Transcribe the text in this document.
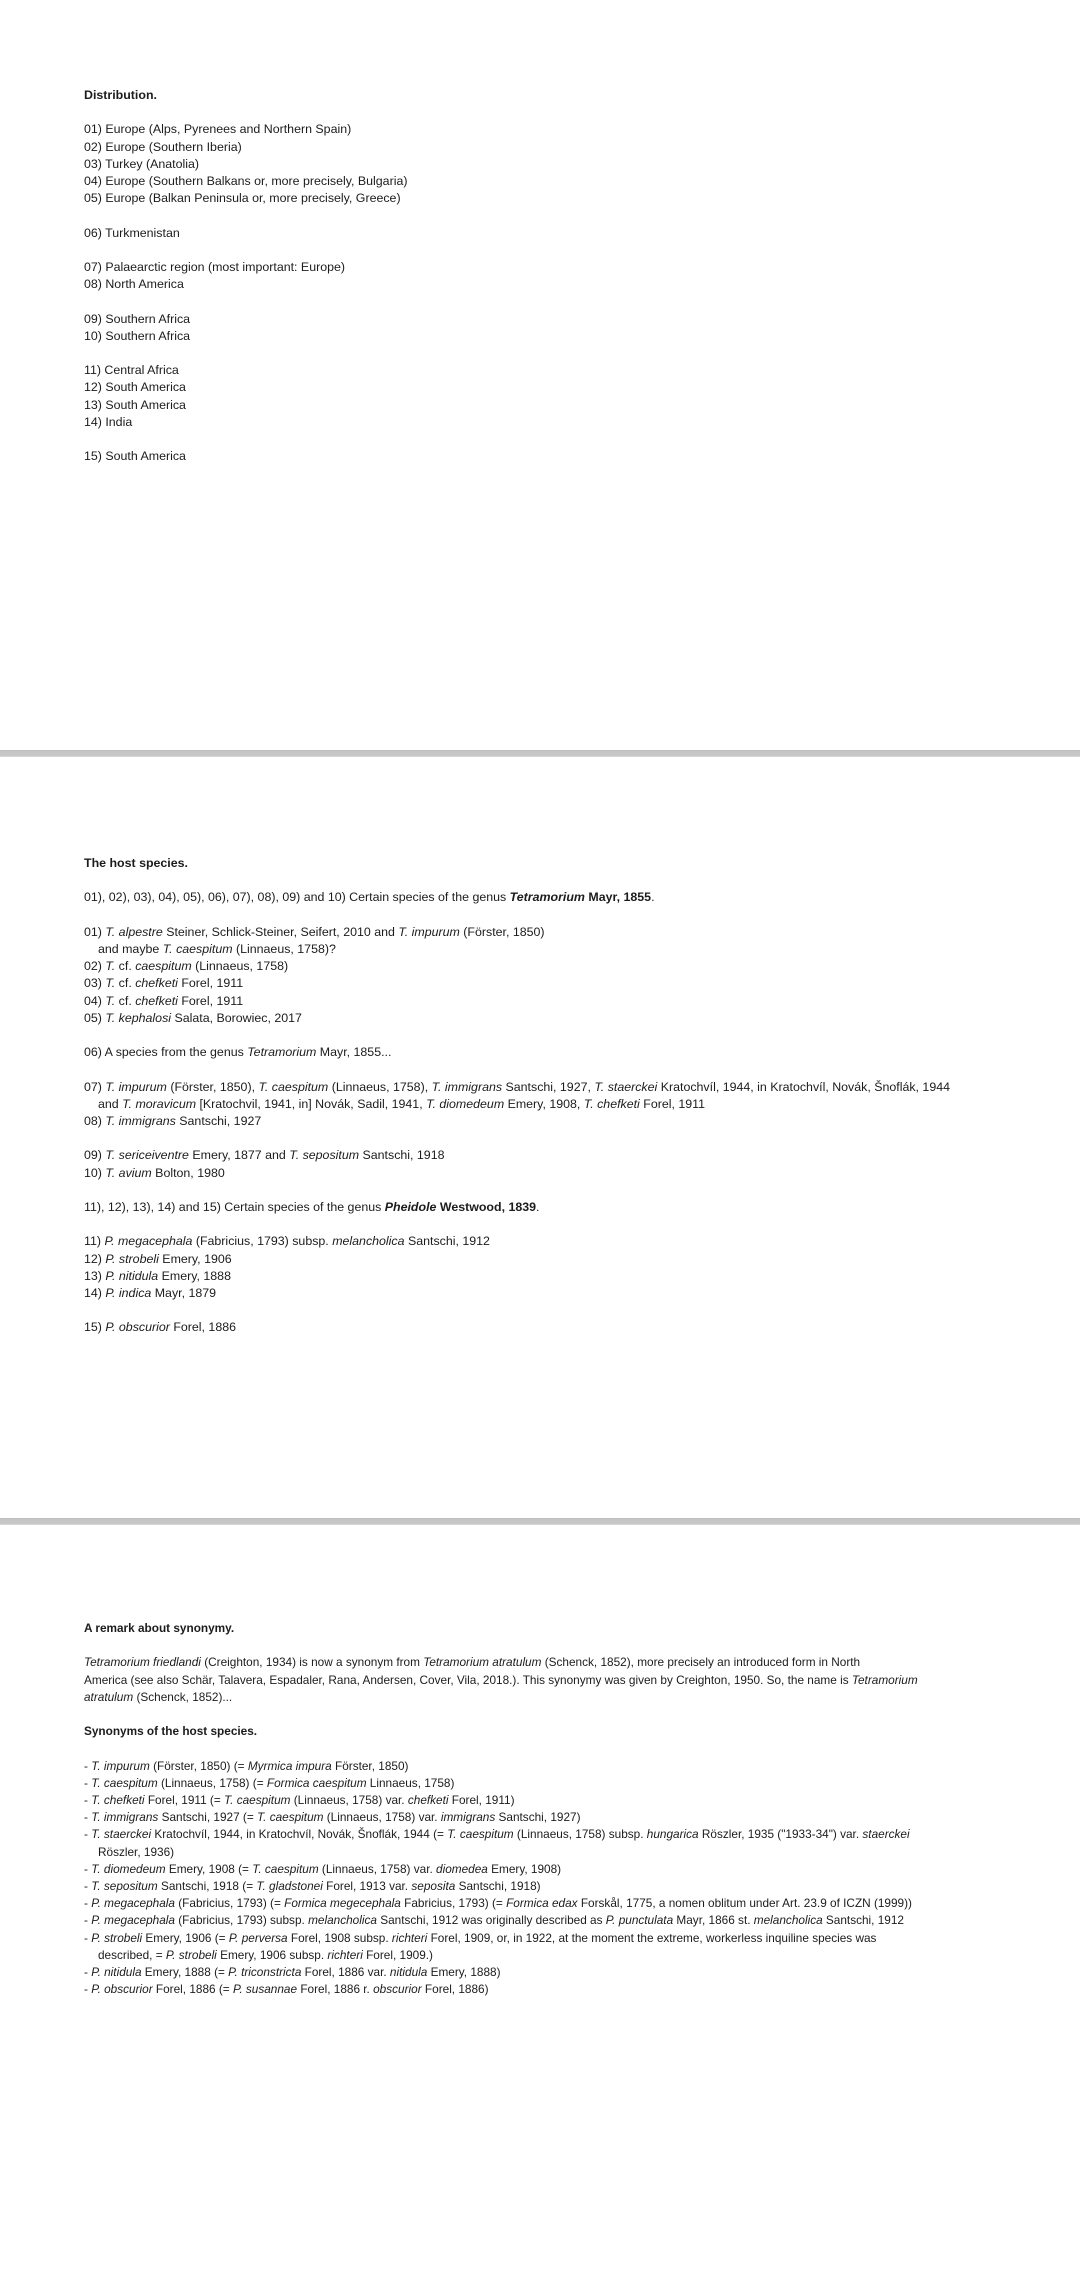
Distribution.

01) Europe (Alps, Pyrenees and Northern Spain)
02) Europe (Southern Iberia)
03) Turkey (Anatolia)
04) Europe (Southern Balkans or, more precisely, Bulgaria)
05) Europe (Balkan Peninsula or, more precisely, Greece)

06) Turkmenistan

07) Palaearctic region (most important: Europe)
08) North America

09) Southern Africa
10) Southern Africa

11) Central Africa
12) South America
13) South America
14) India

15) South America
The host species.

01), 02), 03), 04), 05), 06), 07), 08), 09) and 10) Certain species of the genus Tetramorium Mayr, 1855.

01) T. alpestre Steiner, Schlick-Steiner, Seifert, 2010 and T. impurum (Förster, 1850)
and maybe T. caespitum (Linnaeus, 1758)?
02) T. cf. caespitum (Linnaeus, 1758)
03) T. cf. chefketi Forel, 1911
04) T. cf. chefketi Forel, 1911
05) T. kephalosi Salata, Borowiec, 2017

06) A species from the genus Tetramorium Mayr, 1855...

07) T. impurum (Förster, 1850), T. caespitum (Linnaeus, 1758), T. immigrans Santschi, 1927, T. staerckei Kratochvíl, 1944, in Kratochvíl, Novák, Šnoflák, 1944
and T. moravicum [Kratochvil, 1941, in] Novák, Sadil, 1941, T. diomedeum Emery, 1908, T. chefketi Forel, 1911
08) T. immigrans Santschi, 1927

09) T. sericeiventre Emery, 1877 and T. sepositum Santschi, 1918
10) T. avium Bolton, 1980

11), 12), 13), 14) and 15) Certain species of the genus Pheidole Westwood, 1839.

11) P. megacephala (Fabricius, 1793) subsp. melancholica Santschi, 1912
12) P. strobeli Emery, 1906
13) P. nitidula Emery, 1888
14) P. indica Mayr, 1879

15) P. obscurior Forel, 1886
A remark about synonymy.

Tetramorium friedlandi (Creighton, 1934) is now a synonym from Tetramorium atratulum (Schenck, 1852), more precisely an introduced form in North
America (see also Schär, Talavera, Espadaler, Rana, Andersen, Cover, Vila, 2018.). This synonymy was given by Creighton, 1950. So, the name is Tetramorium
atratulum (Schenck, 1852)...

Synonyms of the host species.

- T. impurum (Förster, 1850) (= Myrmica impura Förster, 1850)
- T. caespitum (Linnaeus, 1758) (= Formica caespitum Linnaeus, 1758)
- T. chefketi Forel, 1911 (= T. caespitum (Linnaeus, 1758) var. chefketi Forel, 1911)
- T. immigrans Santschi, 1927 (= T. caespitum (Linnaeus, 1758) var. immigrans Santschi, 1927)
- T. staerckei Kratochvíl, 1944, in Kratochvíl, Novák, Šnoflák, 1944 (= T. caespitum (Linnaeus, 1758) subsp. hungarica Röszler, 1935 ("1933-34") var. staerckei
Röszler, 1936)
- T. diomedeum Emery, 1908 (= T. caespitum (Linnaeus, 1758) var. diomedea Emery, 1908)
- T. sepositum Santschi, 1918 (= T. gladstonei Forel, 1913 var. seposita Santschi, 1918)
- P. megacephala (Fabricius, 1793) (= Formica megecephala Fabricius, 1793) (= Formica edax Forskål, 1775, a nomen oblitum under Art. 23.9 of ICZN (1999))
- P. megacephala (Fabricius, 1793) subsp. melancholica Santschi, 1912 was originally described as P. punctulata Mayr, 1866 st. melancholica Santschi, 1912
- P. strobeli Emery, 1906 (= P. perversa Forel, 1908 subsp. richteri Forel, 1909, or, in 1922, at the moment the extreme, workerless inquiline species was
described, = P. strobeli Emery, 1906 subsp. richteri Forel, 1909.)
- P. nitidula Emery, 1888 (= P. triconstricta Forel, 1886 var. nitidula Emery, 1888)
- P. obscurior Forel, 1886 (= P. susannae Forel, 1886 r. obscurior Forel, 1886)
